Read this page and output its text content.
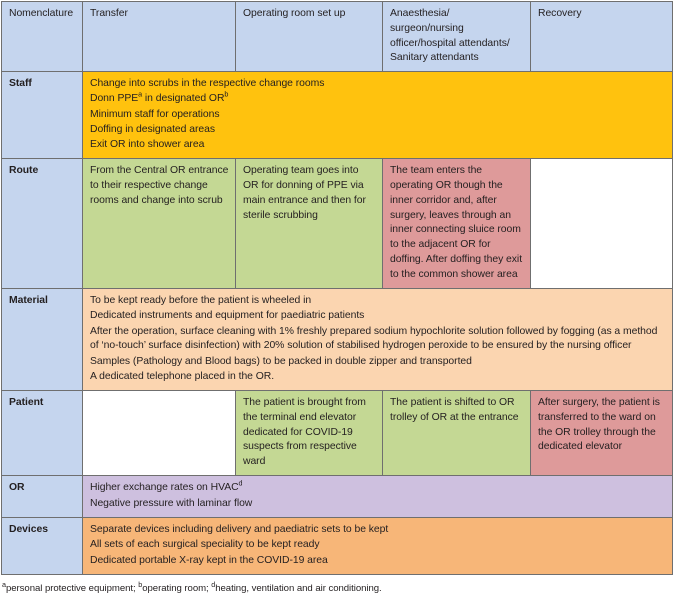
Nomenclature	Transfer	Operating room set up	Anaesthesia/ surgeon/nursing officer/hospital attendants/ Sanitary attendants	Recovery
Staff	Change into scrubs in the respective change rooms

Donn PPE$^a$ in designated $OR^b$

Minimum staff for operations

Doffing in designated areas

Exit OR into shower area			

Route	From the Central OR entrance to their respective change rooms and change into scrub	Operating team goes into OR for donning of PPE via main entrance and then for sterile scrubbing	The team enters the operating OR though the inner corridor and, after surgery, leaves through an inner connecting sluice room to the adjacent OR for doffing. After doffing they exit to the common shower area	

Material	To be kept ready before the patient is wheeled in

Dedicated instruments and equipment for paediatric patients

After the operation, surface cleaning with 1% freshly prepared sodium hypochlorite solution followed by fogging (as a method of ‘no-touch’ surface disinfection) with 20% solution of stabilised hydrogen peroxide to be ensured by the nursing officer

Samples (Pathology and Blood bags) to be packed in double zipper and transported

A dedicated telephone placed in the OR.			

Patient		The patient is brought from the terminal end elevator dedicated for COVID-19 suspects from respective ward	The patient is shifted to OR trolley of OR at the entrance	After surgery, the patient is transferred to the ward on the OR trolley through the dedicated elevator

OR	Higher exchange rates on HVAC$^d$

Negative pressure with laminar flow			

Devices	Separate devices including delivery and paediatric sets to be kept

All sets of each surgical speciality to be kept ready

Dedicated portable X-ray kept in the COVID-19 area			

$^a$personal protective equipment; $^b$operating room; $^d$heating, ventilation and air conditioning.
